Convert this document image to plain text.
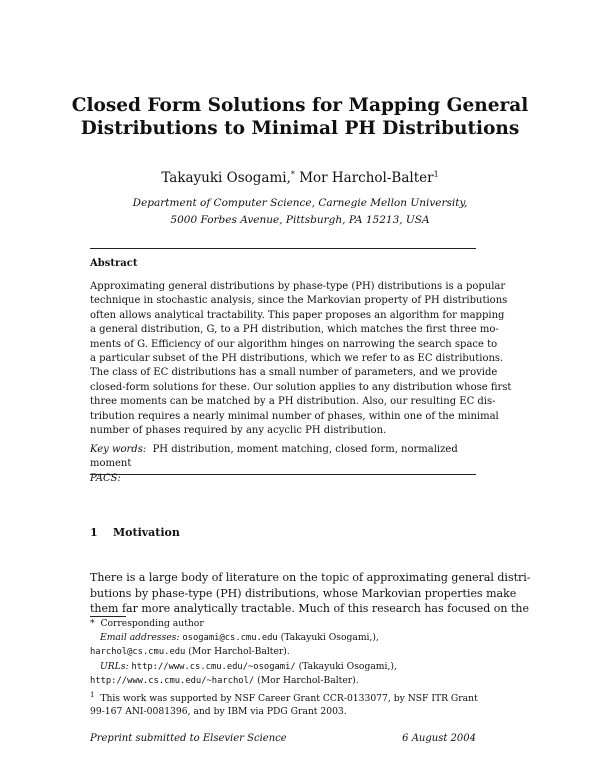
Closed Form Solutions for Mapping General
Distributions to Minimal PH Distributions
Takayuki Osogami,* Mor Harchol-Balter$^1$
Department of Computer Science, Carnegie Mellon University,
5000 Forbes Avenue, Pittsburgh, PA 15213, USA
Abstract
Approximating general distributions by phase-type (PH) distributions is a popular
technique in stochastic analysis, since the Markovian property of PH distributions
often allows analytical tractability. This paper proposes an algorithm for mapping
a general distribution, G, to a PH distribution, which matches the first three mo-
ments of G. Efficiency of our algorithm hinges on narrowing the search space to
a particular subset of the PH distributions, which we refer to as EC distributions.
The class of EC distributions has a small number of parameters, and we provide
closed-form solutions for these. Our solution applies to any distribution whose first
three moments can be matched by a PH distribution. Also, our resulting EC dis-
tribution requires a nearly minimal number of phases, within one of the minimal
number of phases required by any acyclic PH distribution.
Key words: PH distribution, moment matching, closed form, normalized moment
PACS:
1 Motivation
There is a large body of literature on the topic of approximating general distri-
butions by phase-type (PH) distributions, whose Markovian properties make
them far more analytically tractable. Much of this research has focused on the
* Corresponding author
Email addresses: osogami@cs.cmu.edu (Takayuki Osogami,),
harchol@cs.cmu.edu (Mor Harchol-Balter).
URLs: http://www.cs.cmu.edu/~osogami/ (Takayuki Osogami,),
http://www.cs.cmu.edu/~harchol/ (Mor Harchol-Balter).
$^1$ This work was supported by NSF Career Grant CCR-0133077, by NSF ITR Grant
99-167 ANI-0081396, and by IBM via PDG Grant 2003.
Preprint submitted to Elsevier Science	6 August 2004
